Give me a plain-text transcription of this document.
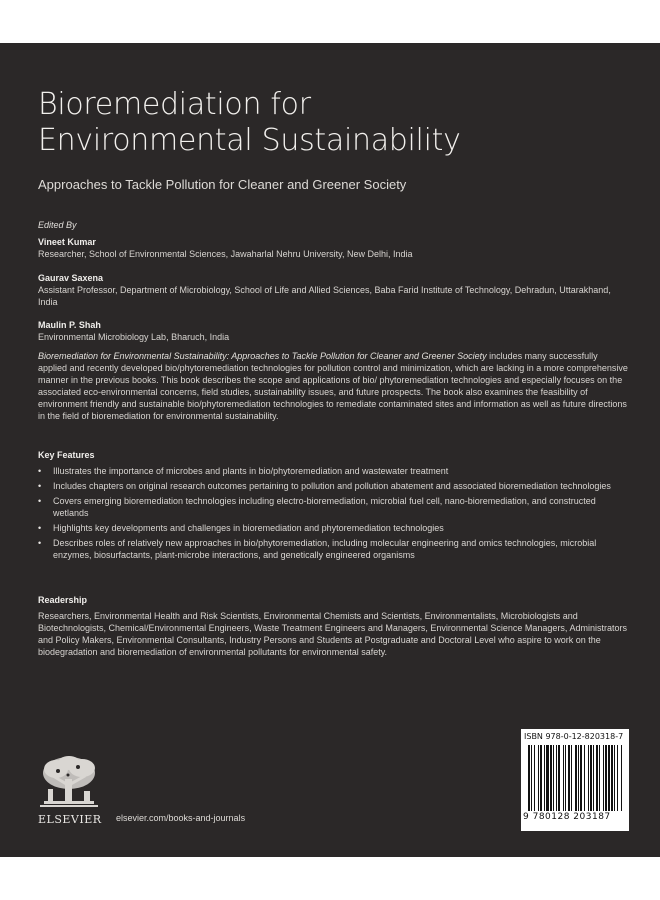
Bioremediation for
Environmental Sustainability
Approaches to Tackle Pollution for Cleaner and Greener Society
Edited By
Vineet Kumar
Researcher, School of Environmental Sciences, Jawaharlal Nehru University, New Delhi, India
Gaurav Saxena
Assistant Professor, Department of Microbiology, School of Life and Allied Sciences, Baba Farid Institute of Technology, Dehradun, Uttarakhand, India
Maulin P. Shah
Environmental Microbiology Lab, Bharuch, India
Bioremediation for Environmental Sustainability: Approaches to Tackle Pollution for Cleaner and Greener Society includes many successfully applied and recently developed bio/phytoremediation technologies for pollution control and minimization, which are lacking in a more comprehensive manner in the previous books. This book describes the scope and applications of bio/ phytoremediation technologies and especially focuses on the associated eco-environmental concerns, field studies, sustainability issues, and future prospects. The book also examines the feasibility of environment friendly and sustainable bio/phytoremediation technologies to remediate contaminated sites and information as well as future directions in the field of bioremediation for environmental sustainability.
Key Features
• Illustrates the importance of microbes and plants in bio/phytoremediation and wastewater treatment
• Includes chapters on original research outcomes pertaining to pollution and pollution abatement and associated bioremediation technologies
• Covers emerging bioremediation technologies including electro-bioremediation, microbial fuel cell, nano-bioremediation, and constructed wetlands
• Highlights key developments and challenges in bioremediation and phytoremediation technologies
• Describes roles of relatively new approaches in bio/phytoremediation, including molecular engineering and omics technologies, microbial enzymes, biosurfactants, plant-microbe interactions, and genetically engineered organisms
Readership
Researchers, Environmental Health and Risk Scientists, Environmental Chemists and Scientists, Environmentalists, Microbiologists and Biotechnologists, Chemical/Environmental Engineers, Waste Treatment Engineers and Managers, Environmental Science Managers, Administrators and Policy Makers, Environmental Consultants, Industry Persons and Students at Postgraduate and Doctoral Level who aspire to work on the biodegradation and bioremediation of environmental pollutants for environmental safety.
ELSEVIER elsevier.com/books-and-journals
ISBN 978-0-12-820318-7
9 780128 203187
